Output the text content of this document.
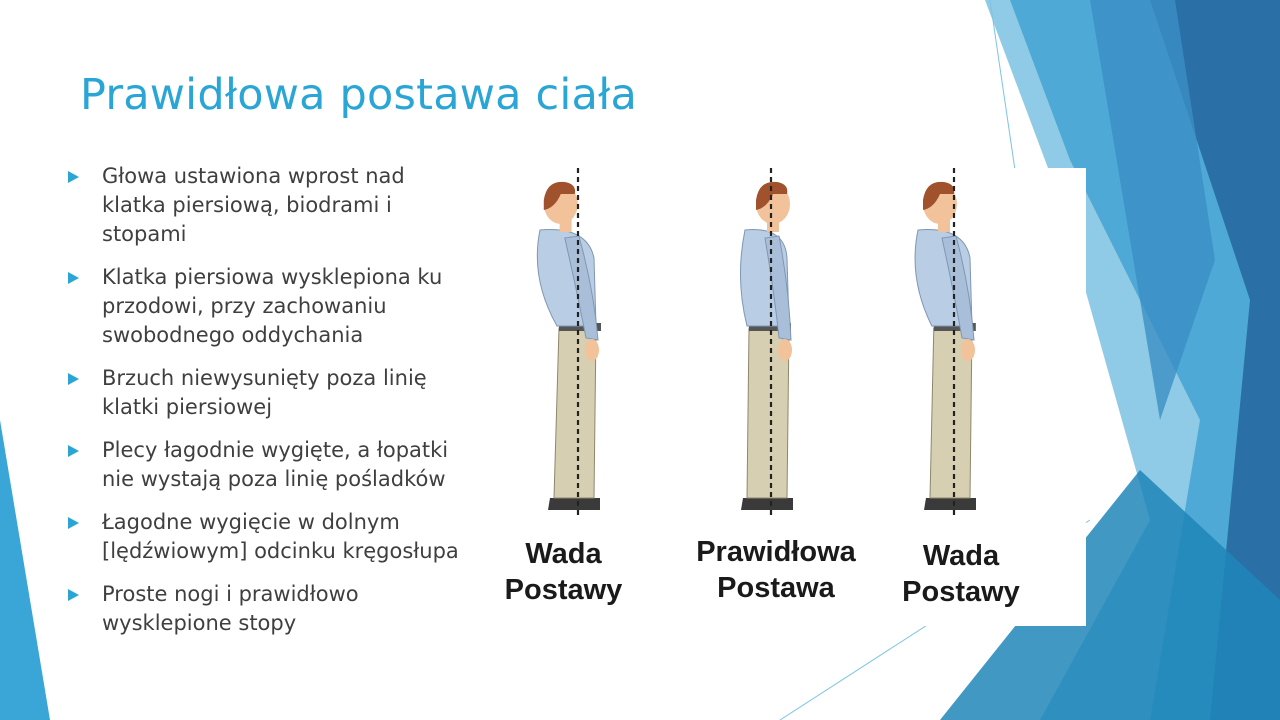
Prawidłowa postawa ciała
Głowa ustawiona wprost nad klatka piersiową, biodrami i stopami
Klatka piersiowa wysklepiona ku przodowi, przy zachowaniu swobodnego oddychania
Brzuch niewysunięty poza linię klatki piersiowej
Plecy łagodnie wygięte, a łopatki nie wystają poza linię pośladków
Łagodne wygięcie w dolnym [lędźwiowym] odcinku kręgosłupa
Proste nogi i prawidłowo wysklepione stopy
Wada
Postawy
Prawidłowa
Postawa
Wada
Postawy
